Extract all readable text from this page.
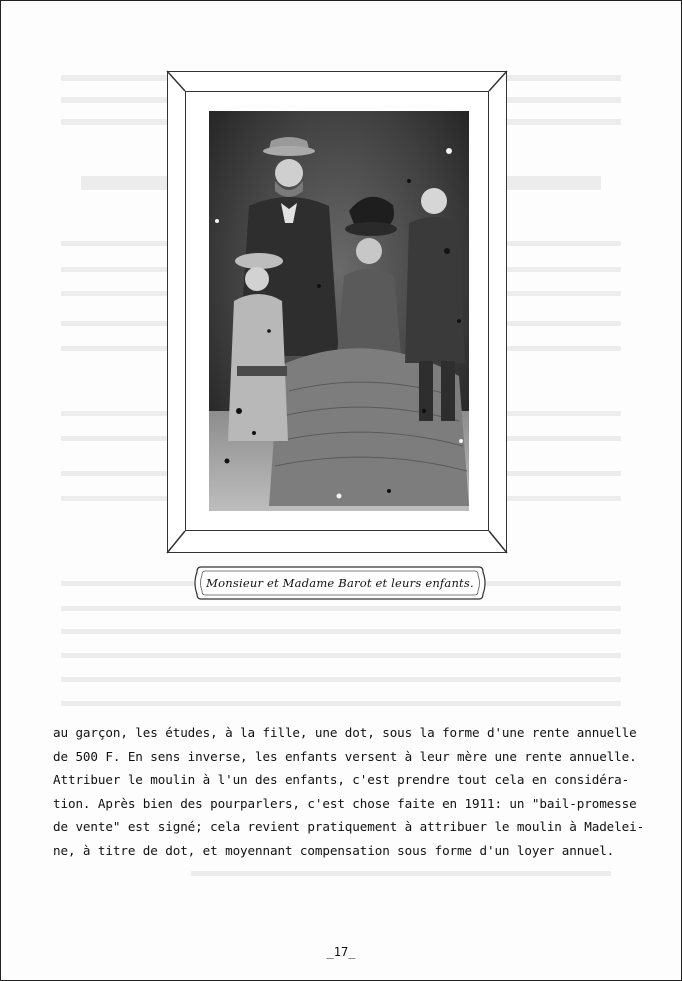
Monsieur et Madame Barot et leurs enfants.
au garçon, les études, à la fille, une dot, sous la forme d'une rente annuelle
de 500 F. En sens inverse, les enfants versent à leur mère une rente annuelle.
Attribuer le moulin à l'un des enfants, c'est prendre tout cela en considéra-
tion. Après bien des pourparlers, c'est chose faite en 1911: un "bail-promesse
de vente" est signé; cela revient pratiquement à attribuer le moulin à Madelei-
ne, à titre de dot, et moyennant compensation sous forme d'un loyer annuel.
_17_
